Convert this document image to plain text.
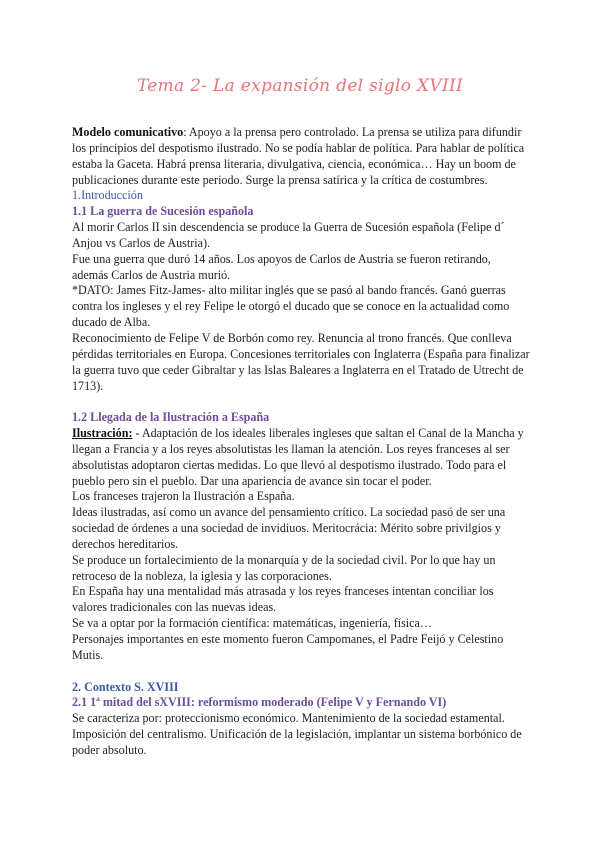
Tema 2- La expansión del siglo XVIII

Modelo comunicativo: Apoyo a la prensa pero controlado. La prensa se utiliza para difundir los principios del despotismo ilustrado. No se podía hablar de política. Para hablar de política estaba la Gaceta. Habrá prensa literaria, divulgativa, ciencia, económica… Hay un boom de publicaciones durante este periodo. Surge la prensa satírica y la crítica de costumbres.

1.Introducción

1.1 La guerra de Sucesión española

Al morir Carlos II sin descendencia se produce la Guerra de Sucesión española (Felipe d´ Anjou vs Carlos de Austria).

Fue una guerra que duró 14 años. Los apoyos de Carlos de Austria se fueron retirando, además Carlos de Austria murió.

*DATO: James Fitz-James- alto militar inglés que se pasó al bando francés. Ganó guerras contra los ingleses y el rey Felipe le otorgó el ducado que se conoce en la actualidad como ducado de Alba.

Reconocimiento de Felipe V de Borbón como rey. Renuncia al trono francés. Que conlleva pérdidas territoriales en Europa. Concesiones territoriales con Inglaterra (España para finalizar la guerra tuvo que ceder Gibraltar y las Islas Baleares a Inglaterra en el Tratado de Utrecht de 1713).

1.2 Llegada de la Ilustración a España

Ilustración: - Adaptación de los ideales liberales ingleses que saltan el Canal de la Mancha y llegan a Francia y a los reyes absolutistas les llaman la atención. Los reyes franceses al ser absolutistas adoptaron ciertas medidas. Lo que llevó al despotismo ilustrado. Todo para el pueblo pero sin el pueblo. Dar una apariencia de avance sin tocar el poder.

Los franceses trajeron la Ilustración a España.

Ideas ilustradas, así como un avance del pensamiento crítico. La sociedad pasó de ser una sociedad de órdenes a una sociedad de invidiuos. Meritocrácia: Mérito sobre privilgios y derechos hereditarios.

Se produce un fortalecimiento de la monarquía y de la sociedad civil. Por lo que hay un retroceso de la nobleza, la iglesia y las corporaciones.

En España hay una mentalidad más atrasada y los reyes franceses intentan conciliar los valores tradicionales con las nuevas ideas.

Se va a optar por la formación científica: matemáticas, ingeniería, física…

Personajes importantes en este momento fueron Campomanes, el Padre Feijó y Celestino Mutis.

2. Contexto S. XVIII

2.1 1ª mitad del sXVIII: reformismo moderado (Felipe V y Fernando VI)

Se caracteriza por: proteccionismo económico. Mantenimiento de la sociedad estamental. Imposición del centralismo. Unificación de la legislación, implantar un sistema borbónico de poder absoluto.
